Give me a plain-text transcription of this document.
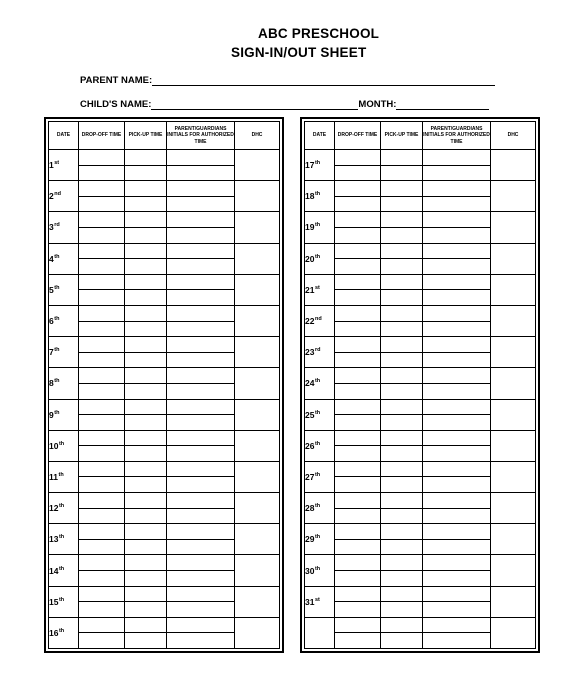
ABC PRESCHOOL
SIGN-IN/OUT SHEET
PARENT NAME:
CHILD'S NAME:	MONTH:
DATE	DROP-OFF TIME	PICK-UP TIME	PARENT/GUARDIANS INITIALS FOR AUTHORIZED TIME	DHC
1st				

2nd				

3rd				

4th				

5th				

6th				

7th				

8th				

9th				

10th				

11th				

12th				

13th				

14th				

15th				

16th				

DATE	DROP-OFF TIME	PICK-UP TIME	PARENT/GUARDIANS INITIALS FOR AUTHORIZED TIME	DHC
17th				

18th				

19th				

20th				

21st				

22nd				

23rd				

24th				

25th				

26th				

27th				

28th				

29th				

30th				

31st				
